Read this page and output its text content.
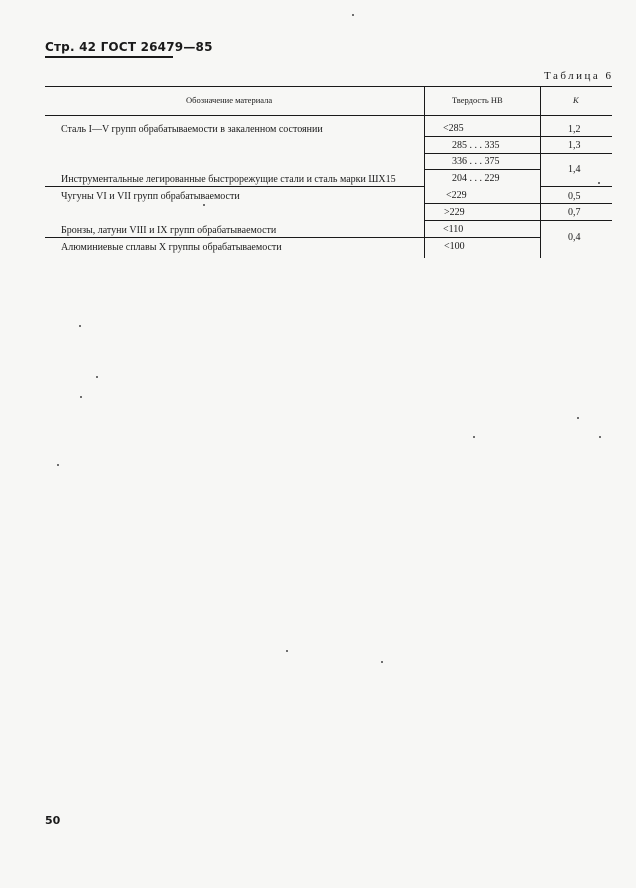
Стр. 42 ГОСТ 26479—85
Таблица 6
Обозначение материала	Твердость НВ	K
Сталь I—V групп обрабатываемости в закаленном состоянии
Инструментальные легированные быстрорежущие стали и сталь марки ШХ15
Чугуны VI и VII групп обрабатываемости
Бронзы, латуни VIII и IX групп обрабатываемости
Алюминиевые сплавы X группы обрабатываемости
<285
285 . . . 335
336 . . . 375
204 . . . 229
<229
>229
<110
<100
1,2
1,3
1,4
0,5
0,7
0,4
50
